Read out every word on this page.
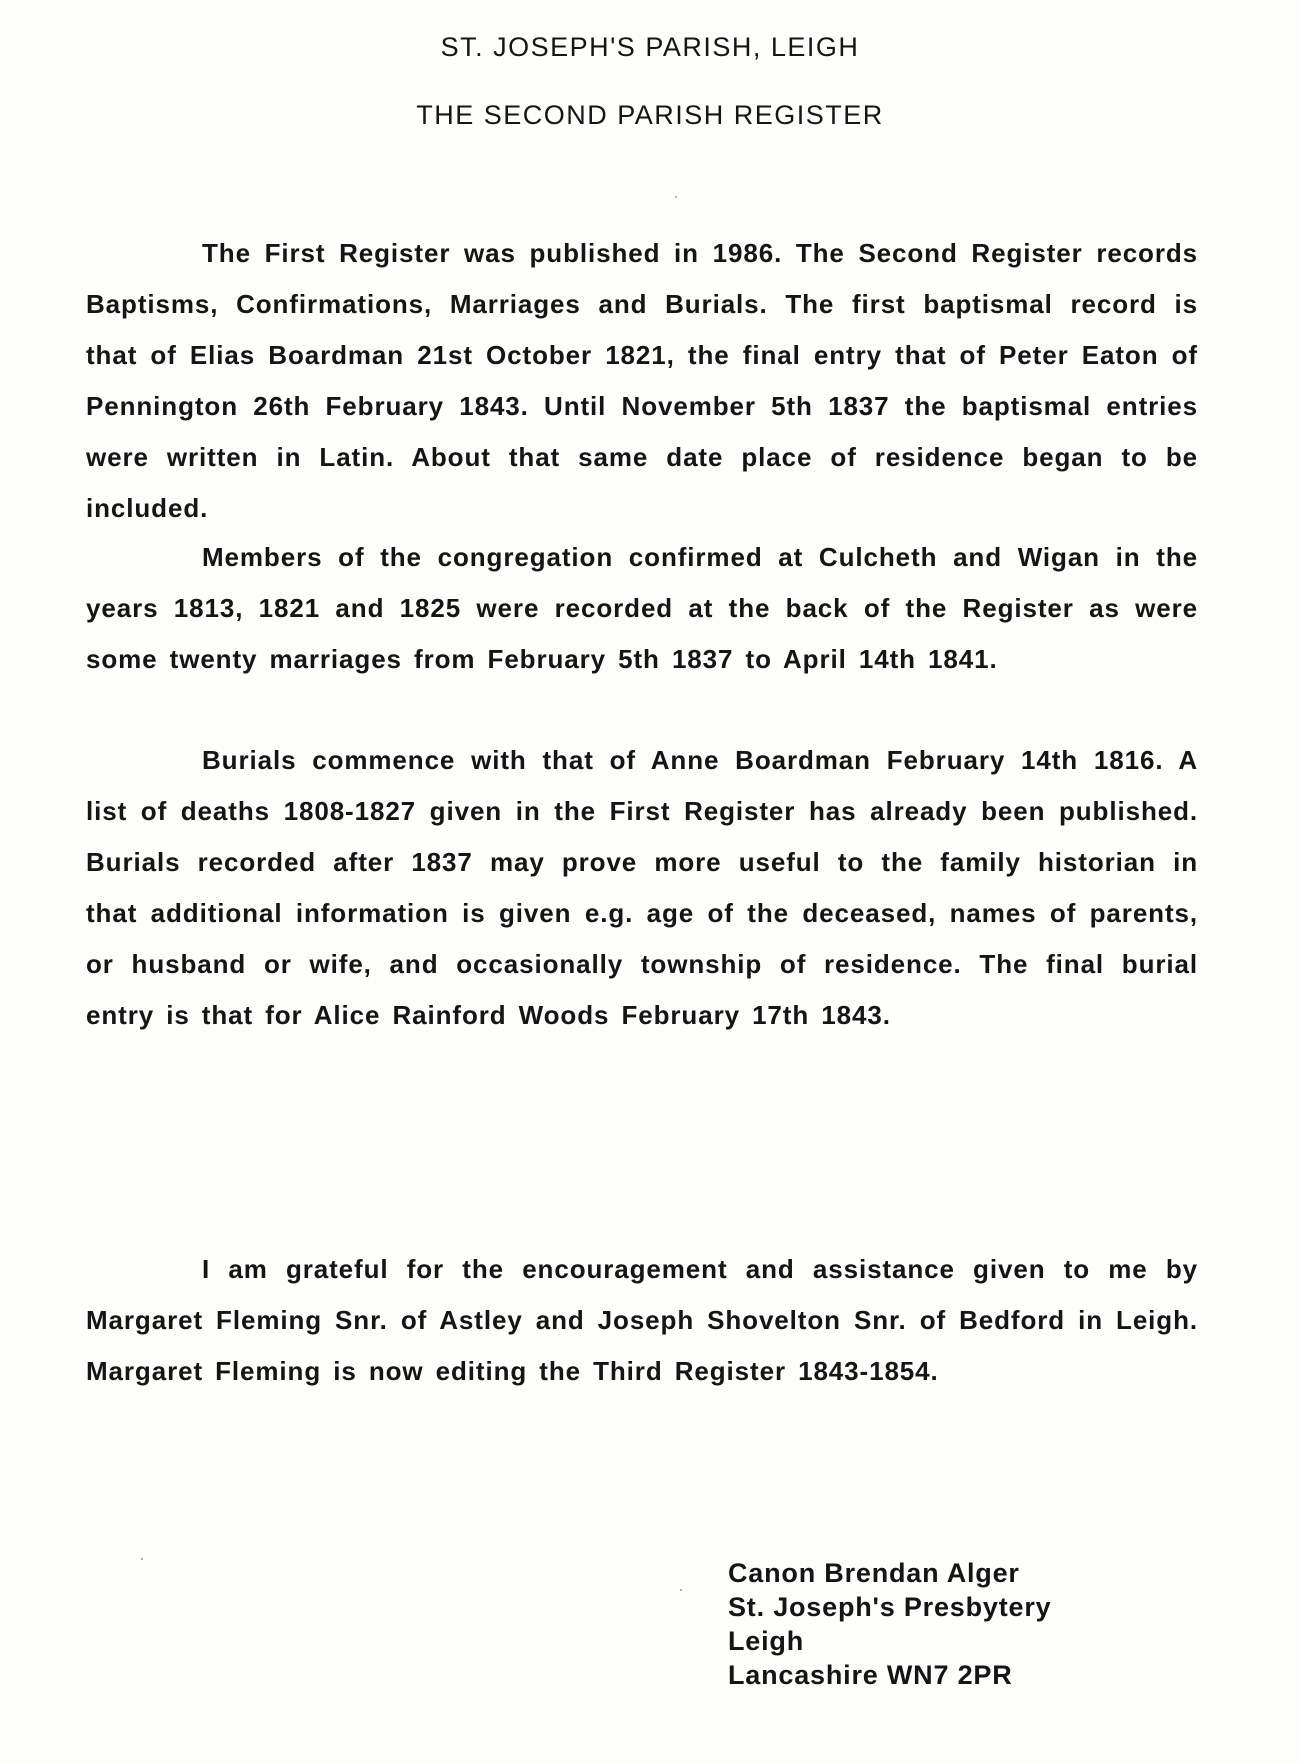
ST. JOSEPH'S PARISH, LEIGH
THE SECOND PARISH REGISTER

The First Register was published in 1986. The Second Register records Baptisms, Confirmations, Marriages and Burials. The first baptismal record is that of Elias Boardman 21st October 1821, the final entry that of Peter Eaton of Pennington 26th February 1843. Until November 5th 1837 the baptismal entries were written in Latin. About that same date place of residence began to be included.

Members of the congregation confirmed at Culcheth and Wigan in the years 1813, 1821 and 1825 were recorded at the back of the Register as were some twenty marriages from February 5th 1837 to April 14th 1841.

Burials commence with that of Anne Boardman February 14th 1816. A list of deaths 1808-1827 given in the First Register has already been published. Burials recorded after 1837 may prove more useful to the family historian in that additional information is given e.g. age of the deceased, names of parents, or husband or wife, and occasionally township of residence. The final burial entry is that for Alice Rainford Woods February 17th 1843.

I am grateful for the encouragement and assistance given to me by Margaret Fleming Snr. of Astley and Joseph Shovelton Snr. of Bedford in Leigh. Margaret Fleming is now editing the Third Register 1843-1854.

Canon Brendan Alger
St. Joseph's Presbytery
Leigh
Lancashire WN7 2PR
